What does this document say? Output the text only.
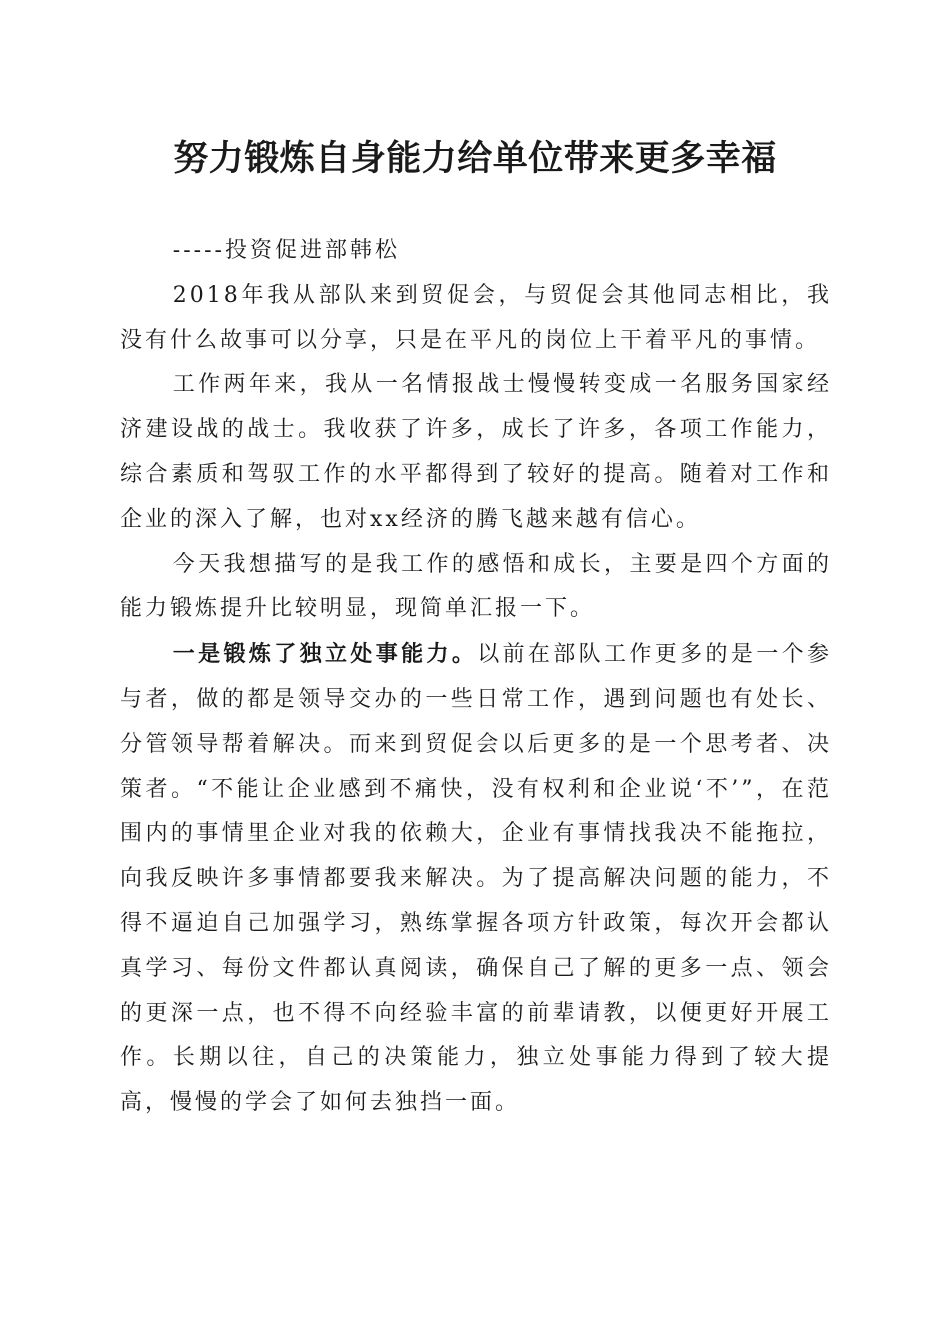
努力锻炼自身能力给单位带来更多幸福

-----投资促进部韩松

2018年我从部队来到贸促会，与贸促会其他同志相比，我没有什么故事可以分享，只是在平凡的岗位上干着平凡的事情。

工作两年来，我从一名情报战士慢慢转变成一名服务国家经济建设战的战士。我收获了许多，成长了许多，各项工作能力，综合素质和驾驭工作的水平都得到了较好的提高。随着对工作和企业的深入了解，也对xx经济的腾飞越来越有信心。

今天我想描写的是我工作的感悟和成长，主要是四个方面的能力锻炼提升比较明显，现简单汇报一下。

一是锻炼了独立处事能力。以前在部队工作更多的是一个参与者，做的都是领导交办的一些日常工作，遇到问题也有处长、分管领导帮着解决。而来到贸促会以后更多的是一个思考者、决策者。“不能让企业感到不痛快，没有权利和企业说‘不’”，在范围内的事情里企业对我的依赖大，企业有事情找我决不能拖拉，向我反映许多事情都要我来解决。为了提高解决问题的能力，不得不逼迫自己加强学习，熟练掌握各项方针政策，每次开会都认真学习、每份文件都认真阅读，确保自己了解的更多一点、领会的更深一点，也不得不向经验丰富的前辈请教，以便更好开展工作。长期以往，自己的决策能力，独立处事能力得到了较大提高，慢慢的学会了如何去独挡一面。
